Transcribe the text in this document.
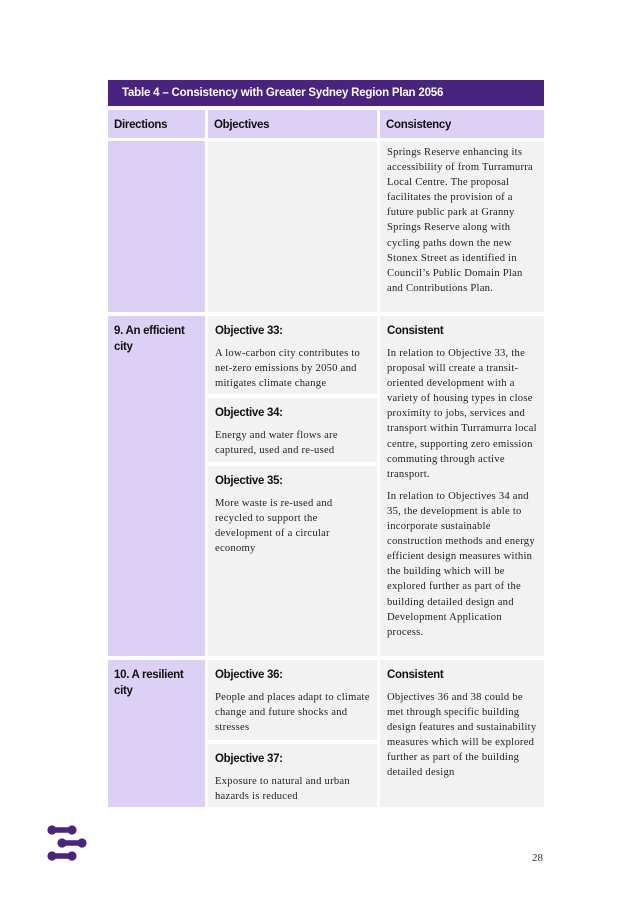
Table 4 – Consistency with Greater Sydney Region Plan 2056
Directions	Objectives	Consistency
Springs Reserve enhancing its accessibility of from Turramurra Local Centre. The proposal facilitates the provision of a future public park at Granny Springs Reserve along with cycling paths down the new Stonex Street as identified in Council’s Public Domain Plan and Contributions Plan.
9. An efficient city
Objective 33:
A low-carbon city contributes to net-zero emissions by 2050 and mitigates climate change
Objective 34:
Energy and water flows are captured, used and re-used
Objective 35:
More waste is re-used and recycled to support the development of a circular economy
Consistent
In relation to Objective 33, the proposal will create a transit-oriented development with a variety of housing types in close proximity to jobs, services and transport within Turramurra local centre, supporting zero emission commuting through active transport.
In relation to Objectives 34 and 35, the development is able to incorporate sustainable construction methods and energy efficient design measures within the building which will be explored further as part of the building detailed design and Development Application process.
10. A resilient city
Objective 36:
People and places adapt to climate change and future shocks and stresses
Objective 37:
Exposure to natural and urban hazards is reduced
Consistent
Objectives 36 and 38 could be met through specific building design features and sustainability measures which will be explored further as part of the building detailed design
28
